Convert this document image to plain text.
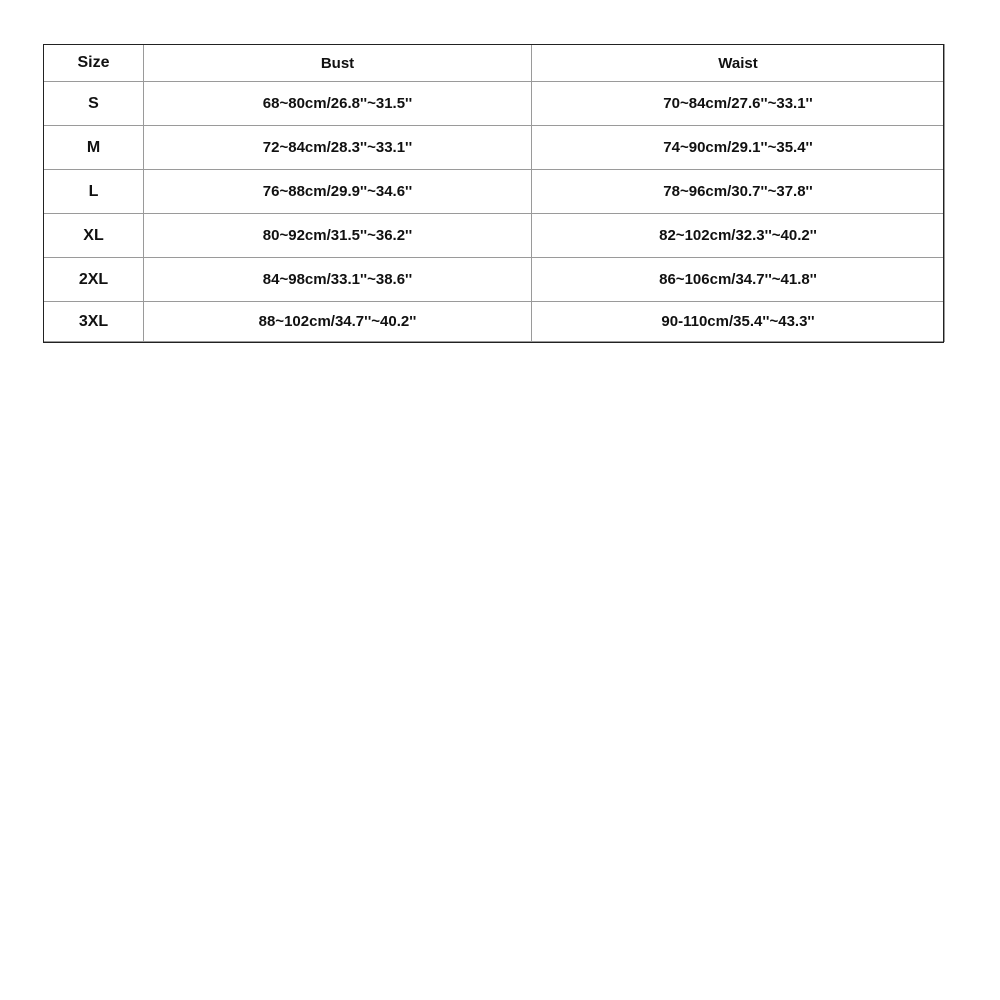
Size	Bust	Waist
S	68~80cm/26.8''~31.5''	70~84cm/27.6''~33.1''
M	72~84cm/28.3''~33.1''	74~90cm/29.1''~35.4''
L	76~88cm/29.9''~34.6''	78~96cm/30.7''~37.8''
XL	80~92cm/31.5''~36.2''	82~102cm/32.3''~40.2''
2XL	84~98cm/33.1''~38.6''	86~106cm/34.7''~41.8''
3XL	88~102cm/34.7''~40.2''	90-110cm/35.4''~43.3''
